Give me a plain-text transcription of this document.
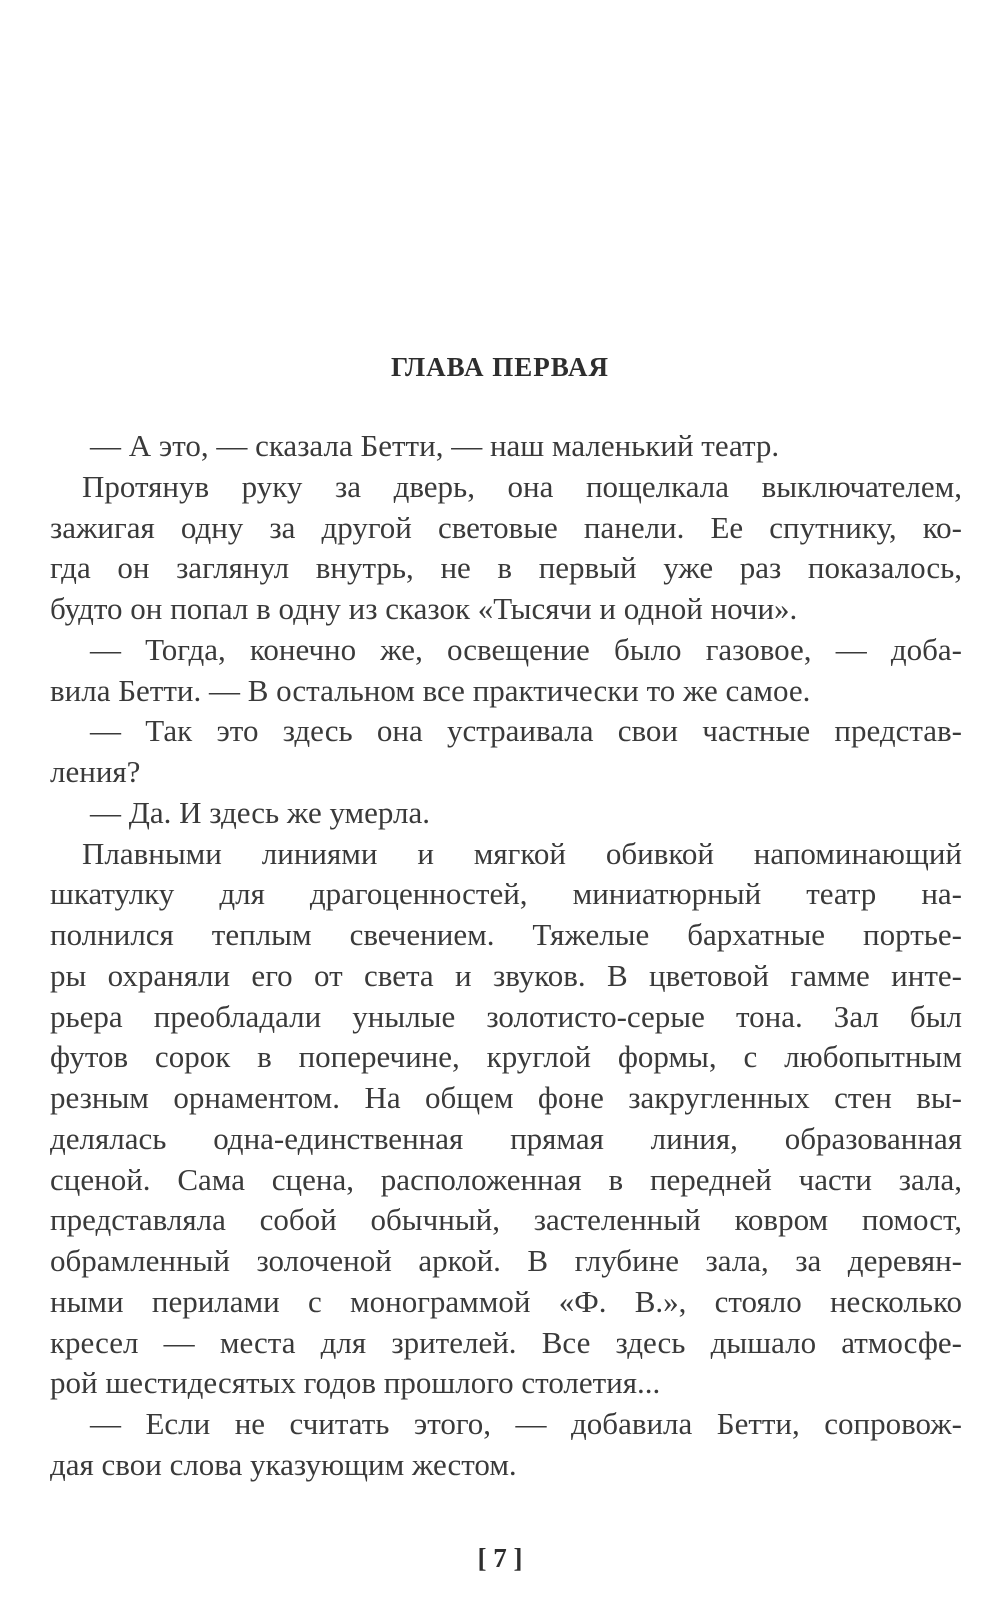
ГЛАВА ПЕРВАЯ
— А это, — сказала Бетти, — наш маленький театр.
Протянув руку за дверь, она пощелкала выключателем,
зажигая одну за другой световые панели. Ее спутнику, ко-
гда он заглянул внутрь, не в первый уже раз показалось,
будто он попал в одну из сказок «Тысячи и одной ночи».
— Тогда, конечно же, освещение было газовое, — доба-
вила Бетти. — В остальном все практически то же самое.
— Так это здесь она устраивала свои частные представ-
ления?
— Да. И здесь же умерла.
Плавными линиями и мягкой обивкой напоминающий
шкатулку для драгоценностей, миниатюрный театр на-
полнился теплым свечением. Тяжелые бархатные портье-
ры охраняли его от света и звуков. В цветовой гамме инте-
рьера преобладали унылые золотисто-серые тона. Зал был
футов сорок в поперечине, круглой формы, с любопытным
резным орнаментом. На общем фоне закругленных стен вы-
делялась одна-единственная прямая линия, образованная
сценой. Сама сцена, расположенная в передней части зала,
представляла собой обычный, застеленный ковром помост,
обрамленный золоченой аркой. В глубине зала, за деревян-
ными перилами с монограммой «Ф. В.», стояло несколько
кресел — места для зрителей. Все здесь дышало атмосфе-
рой шестидесятых годов прошлого столетия...
— Если не считать этого, — добавила Бетти, сопровож-
дая свои слова указующим жестом.
[ 7 ]
